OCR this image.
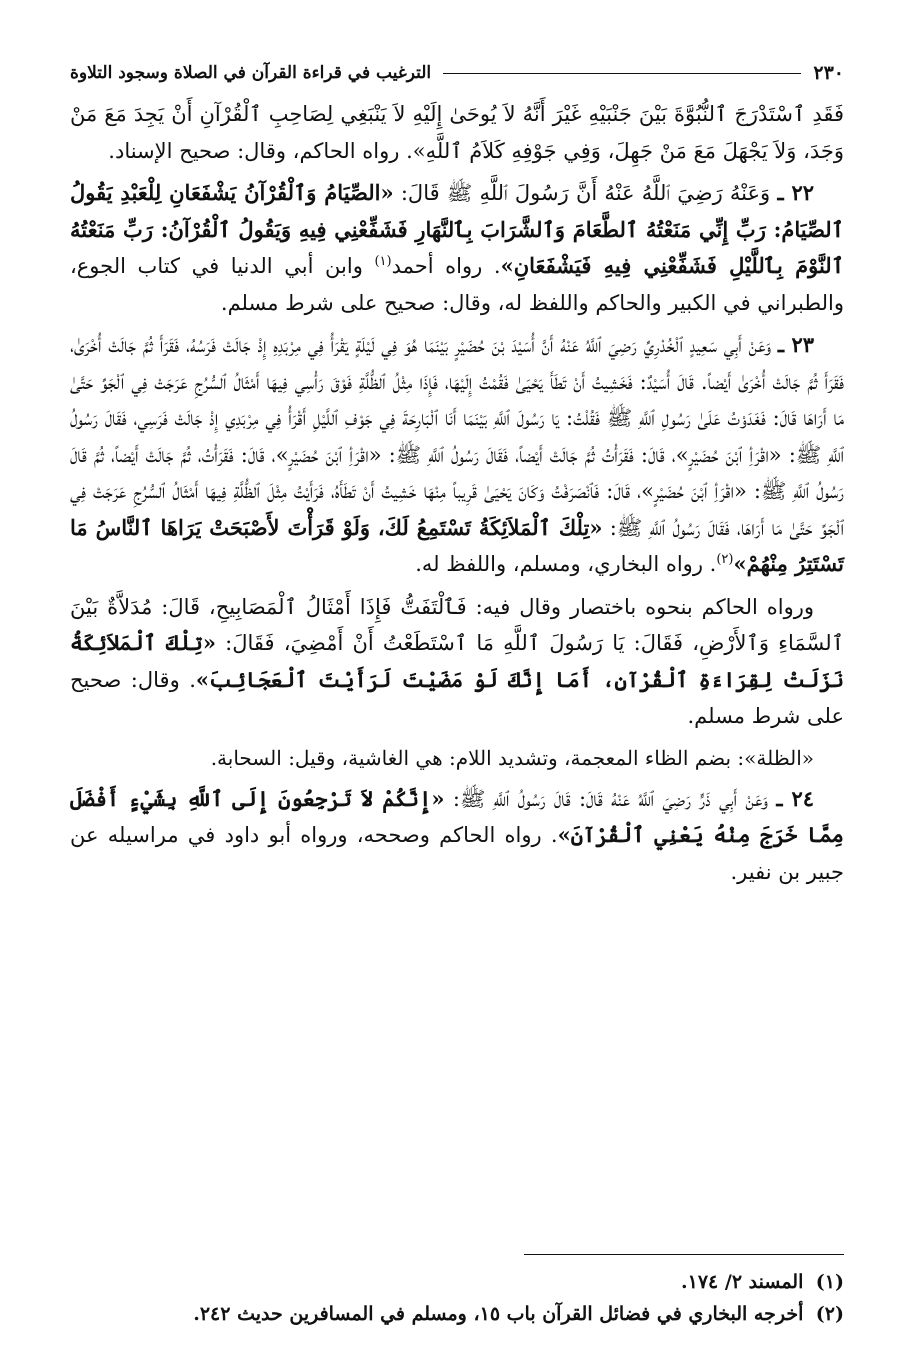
٢٣٠
الترغيب في قراءة القرآن في الصلاة وسجود التلاوة

فَقَدِ ٱسْتَدْرَجَ ٱلنُّبُوَّةَ بَيْنَ جَنْبَيْهِ غَيْرَ أَنَّهُ لاَ يُوحَىٰ إِلَيْهِ لاَ يَنْبَغِي لِصَاحِبِ ٱلْقُرْآنِ أَنْ يَجِدَ مَعَ مَنْ وَجَدَ، وَلاَ يَجْهَلَ مَعَ مَنْ جَهِلَ، وَفِي جَوْفِهِ كَلاَمُ ٱللَّهِ». رواه الحاكم، وقال: صحيح الإسناد.

٢٢ ـ وَعَنْهُ رَضِيَ ٱللَّهُ عَنْهُ أَنَّ رَسُولَ ٱللَّهِ ﷺ قَالَ: «الصِّيَامُ وَٱلْقُرْآنُ يَشْفَعَانِ لِلْعَبْدِ يَقُولُ ٱلصِّيَامُ: رَبِّ إِنِّي مَنَعْتُهُ ٱلطَّعَامَ وَٱلشَّرَابَ بِٱلنَّهَارِ فَشَفِّعْنِي فِيهِ وَيَقُولُ ٱلْقُرْآنُ: رَبِّ مَنَعْتُهُ ٱلنَّوْمَ بِٱللَّيْلِ فَشَفِّعْنِي فِيهِ فَيَشْفَعَانِ». رواه أحمد$^{(١)}$ وابن أبي الدنيا في كتاب الجوع، والطبراني في الكبير والحاكم واللفظ له، وقال: صحيح على شرط مسلم.

٢٣ ـ وَعَنْ أَبِي سَعِيدٍ ٱلْخُدْرِيِّ رَضِيَ ٱللَّهُ عَنْهُ أَنَّ أُسَيْدَ بْنَ حُضَيْرٍ بَيْنَمَا هُوَ فِي لَيْلَةٍ يَقْرَأُ فِي مِرْبَدِهِ إِذْ جَالَتْ فَرَسُهُ، فَقَرَأَ ثُمَّ جَالَتْ أُخْرَىٰ، فَقَرَأَ ثُمَّ جَالَتْ أُخْرَىٰ أَيْضاً. قَالَ أُسَيْدٌ: فَخَشِيتُ أَنْ تَطَأَ يَحْيَىٰ فَقُمْتُ إِلَيْهَا، فَإِذَا مِثْلُ ٱلظُّلَّةِ فَوْقَ رَأْسِي فِيهَا أَمْثَالُ ٱلسُّرُجِ عَرَجَتْ فِي ٱلْجَوِّ حَتَّىٰ مَا أَرَاهَا قَالَ: فَغَدَوْتُ عَلَىٰ رَسُولِ ٱللَّهِ ﷺ فَقُلْتُ: يَا رَسُولَ ٱللَّهِ بَيْنَمَا أَنَا ٱلْبَارِحَةَ فِي جَوْفِ ٱللَّيْلِ أَقْرَأُ فِي مِرْبَدِي إِذْ جَالَتْ فَرَسِي، فَقَالَ رَسُولُ ٱللَّهِ ﷺ: «اقْرَأِ ٱبْنَ حُضَيْرٍ»، قَالَ: فَقَرَأْتُ ثُمَّ جَالَتْ أَيْضاً، فَقَالَ رَسُولُ ٱللَّهِ ﷺ: «اقْرَأِ ٱبْنَ حُضَيْرٍ»، قَالَ: فَقَرَأْتُ، ثُمَّ جَالَتْ أَيْضاً، ثُمَّ قَالَ رَسُولُ ٱللَّهِ ﷺ: «اقْرَأِ ٱبْنَ حُضَيْرٍ»، قَالَ: فَٱنْصَرَفْتُ وَكَانَ يَحْيَىٰ قَرِيباً مِنْهَا خَشِيتُ أَنْ تَطَأَهُ، فَرَأَيْتُ مِثْلَ ٱلظُّلَّةِ فِيهَا أَمْثَالُ ٱلسُّرُجِ عَرَجَتْ فِي ٱلْجَوِّ حَتَّىٰ مَا أَرَاهَا، فَقَالَ رَسُولُ ٱللَّهِ ﷺ: «تِلْكَ ٱلْمَلاَئِكَةُ تَسْتَمِعُ لَكَ، وَلَوْ قَرَأْتَ لأَصْبَحَتْ يَرَاهَا ٱلنَّاسُ مَا تَسْتَتِرُ مِنْهُمْ»$^{(٢)}$. رواه البخاري، ومسلم، واللفظ له.

ورواه الحاكم بنحوه باختصار وقال فيه: فَٱلْتَفَتُّ فَإِذَا أَمْثَالُ ٱلْمَصَابِيحِ، قَالَ: مُدَلاَّةٌ بَيْنَ ٱلسَّمَاءِ وَٱلأَرْضِ، فَقَالَ: يَا رَسُولَ ٱللَّهِ مَا ٱسْتَطَعْتُ أَنْ أَمْضِيَ، فَقَالَ: «تِلْكَ ٱلْمَلاَئِكَةُ نَزَلَتْ لِقِرَاءَةِ ٱلْقُرْآنِ، أَمَا إِنَّكَ لَوْ مَضَيْتَ لَرَأَيْتَ ٱلْعَجَائِبَ». وقال: صحيح على شرط مسلم.

«الظلة»: بضم الظاء المعجمة، وتشديد اللام: هي الغاشية، وقيل: السحابة.

٢٤ ـ وَعَنْ أَبِي ذَرٍّ رَضِيَ ٱللَّهُ عَنْهُ قَالَ: قَالَ رَسُولُ ٱللَّهِ ﷺ: «إِنَّكُمْ لاَ تَرْجِعُونَ إِلَى ٱللَّهِ بِشَيْءٍ أَفْضَلَ مِمَّا خَرَجَ مِنْهُ يَعْنِي ٱلْقُرْآنَ». رواه الحاكم وصححه، ورواه أبو داود في مراسيله عن جبير بن نفير.

(١) المسند ٢/ ١٧٤.

(٢) أخرجه البخاري في فضائل القرآن باب ١٥، ومسلم في المسافرين حديث ٢٤٢.
